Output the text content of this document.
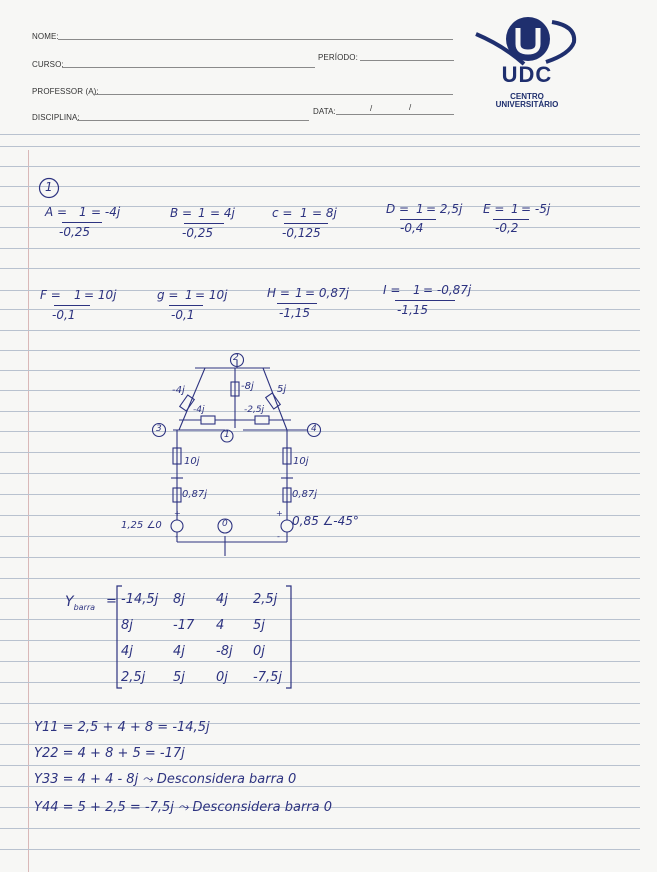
NOME:
CURSO:
PERÍODO:
PROFESSOR (A):
DISCIPLINA:
DATA:	/	/
UDC
CENTRO
UNIVERSITÁRIO
1
A = 1 = -4j
-0,25
B = 1 = 4j
-0,25
c = 1 = 8j
-0,125
D = 1 = 2,5j
-0,4
E = 1 = -5j
-0,2
F = 1 = 10j
-0,1
g = 1 = 10j
-0,1
H = 1 = 0,87j
-1,15
I = 1 = -0,87j
-1,15
2
3	4
1
0
-4j	-8j 5j
-4j	-2,5j
10j	10j
0,87j	0,87j
1,25 ∠0	0,85 ∠-45°
+
-
+
-
$Y_{barra} = -14,5j$ 8j 4j 2,5j
8j	-17 4 5j
4j	4j -8j 0j
2,5j 5j 0j -7,5j
Y11 = 2,5 + 4 + 8 = -14,5j
Y22 = 4 + 8 + 5 = -17j
Y33 = 4 + 4 - 8j ⤳ Desconsidera barra 0
Y44 = 5 + 2,5 = -7,5j ⤳ Desconsidera barra 0
